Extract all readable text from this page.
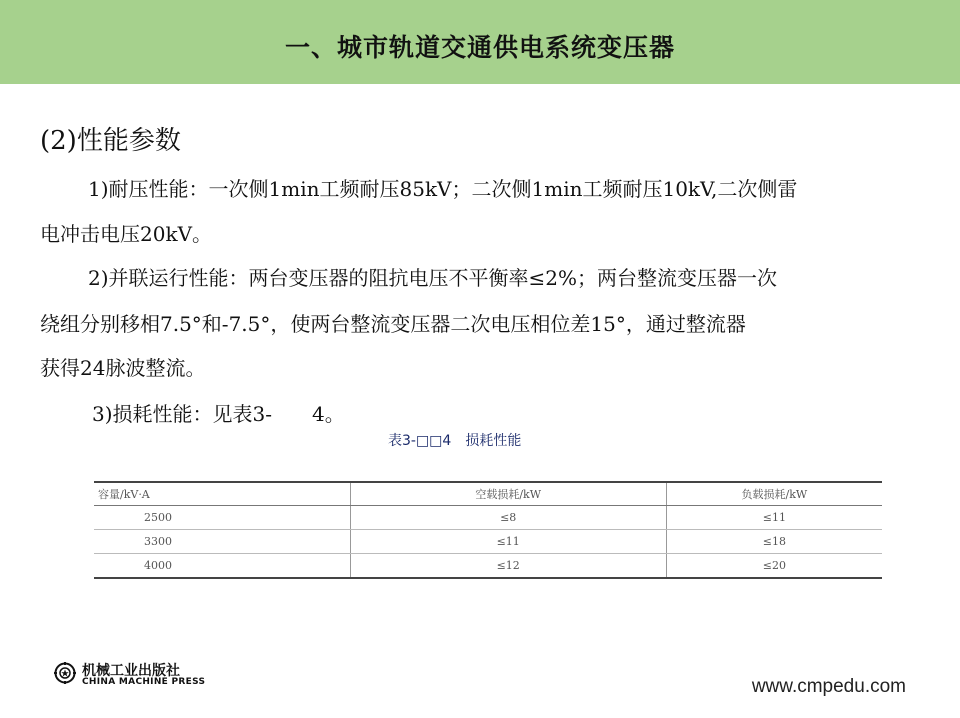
一、城市轨道交通供电系统变压器
(2)性能参数
1)耐压性能：一次侧1min工频耐压85kV；二次侧1min工频耐压10kV,二次侧雷
电冲击电压20kV。
2)并联运行性能：两台变压器的阻抗电压不平衡率≤2%；两台整流变压器一次
绕组分别移相7.5°和-7.5°，使两台整流变压器二次电压相位差15°，通过整流器
获得24脉波整流。
3)损耗性能：见表3-　　4。
表3-□□4　损耗性能
容量/kV·A	空载损耗/kW	负载损耗/kW
2500	≤8	≤11
3300	≤11	≤18
4000	≤12	≤20
机械工业出版社
CHINA MACHINE PRESS	www.cmpedu.com
